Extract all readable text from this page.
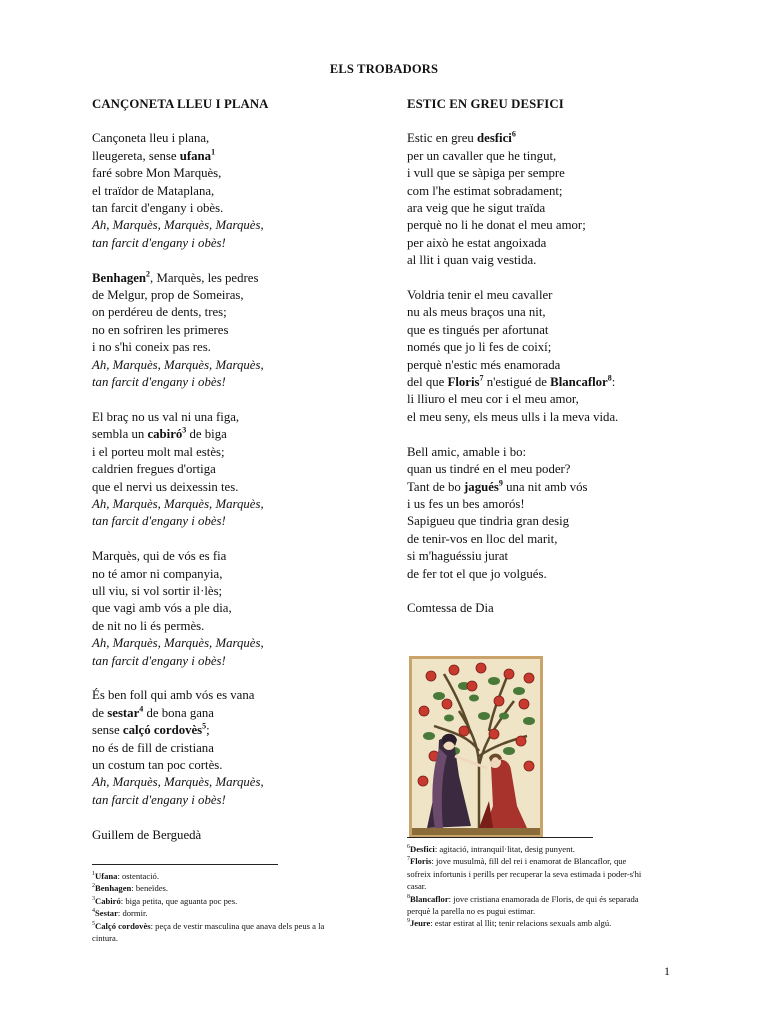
ELS TROBADORS
CANÇONETA LLEU I PLANA
Cançoneta lleu i plana,
lleugereta, sense ufana$^1$
faré sobre Mon Marquès,
el traïdor de Mataplana,
tan farcit d'engany i obès.
Ah, Marquès, Marquès, Marquès,
tan farcit d'engany i obès!
Benhagen$^2$, Marquès, les pedres
de Melgur, prop de Someiras,
on perdéreu de dents, tres;
no en sofriren les primeres
i no s'hi coneix pas res.
Ah, Marquès, Marquès, Marquès,
tan farcit d'engany i obès!
El braç no us val ni una figa,
sembla un cabiró$^3$ de biga
i el porteu molt mal estès;
caldrien fregues d'ortiga
que el nervi us deixessin tes.
Ah, Marquès, Marquès, Marquès,
tan farcit d'engany i obès!
Marquès, qui de vós es fia
no té amor ni companyia,
ull viu, si vol sortir il·lès;
que vagi amb vós a ple dia,
de nit no li és permès.
Ah, Marquès, Marquès, Marquès,
tan farcit d'engany i obès!
És ben foll qui amb vós es vana
de sestar$^4$ de bona gana
sense calçó cordovès$^5$;
no és de fill de cristiana
un costum tan poc cortès.
Ah, Marquès, Marquès, Marquès,
tan farcit d'engany i obès!
Guillem de Berguedà
ESTIC EN GREU DESFICI
Estic en greu desfici$^6$
per un cavaller que he tingut,
i vull que se sàpiga per sempre
com l'he estimat sobradament;
ara veig que he sigut traïda
perquè no li he donat el meu amor;
per això he estat angoixada
al llit i quan vaig vestida.
Voldria tenir el meu cavaller
nu als meus braços una nit,
que es tingués per afortunat
només que jo li fes de coixí;
perquè n'estic més enamorada
del que Floris$^7$ n'estigué de Blancaflor$^8$:
li lliuro el meu cor i el meu amor,
el meu seny, els meus ulls i la meva vida.
Bell amic, amable i bo:
quan us tindré en el meu poder?
Tant de bo jagués$^9$ una nit amb vós
i us fes un bes amorós!
Sapigueu que tindria gran desig
de tenir-vos en lloc del marit,
si m'haguéssiu jurat
de fer tot el que jo volgués.
Comtessa de Dia
$^1$Ufana: ostentació.
$^2$Benhagen: beneïdes.
$^3$Cabiró: biga petita, que aguanta poc pes.
$^4$Sestar: dormir.
$^5$Calçó cordovès: peça de vestir masculina que anava dels peus a la
cintura.
$^6$Desfici: agitació, intranquil·litat, desig punyent.
$^7$Floris: jove musulmà, fill del rei i enamorat de Blancaflor, que
sofreix infortunis i perills per recuperar la seva estimada i poder-s'hi
casar.
$^8$Blancaflor: jove cristiana enamorada de Floris, de qui és separada
perquè la parella no es pugui estimar.
$^9$Jeure: estar estirat al llit; tenir relacions sexuals amb algú.
1
